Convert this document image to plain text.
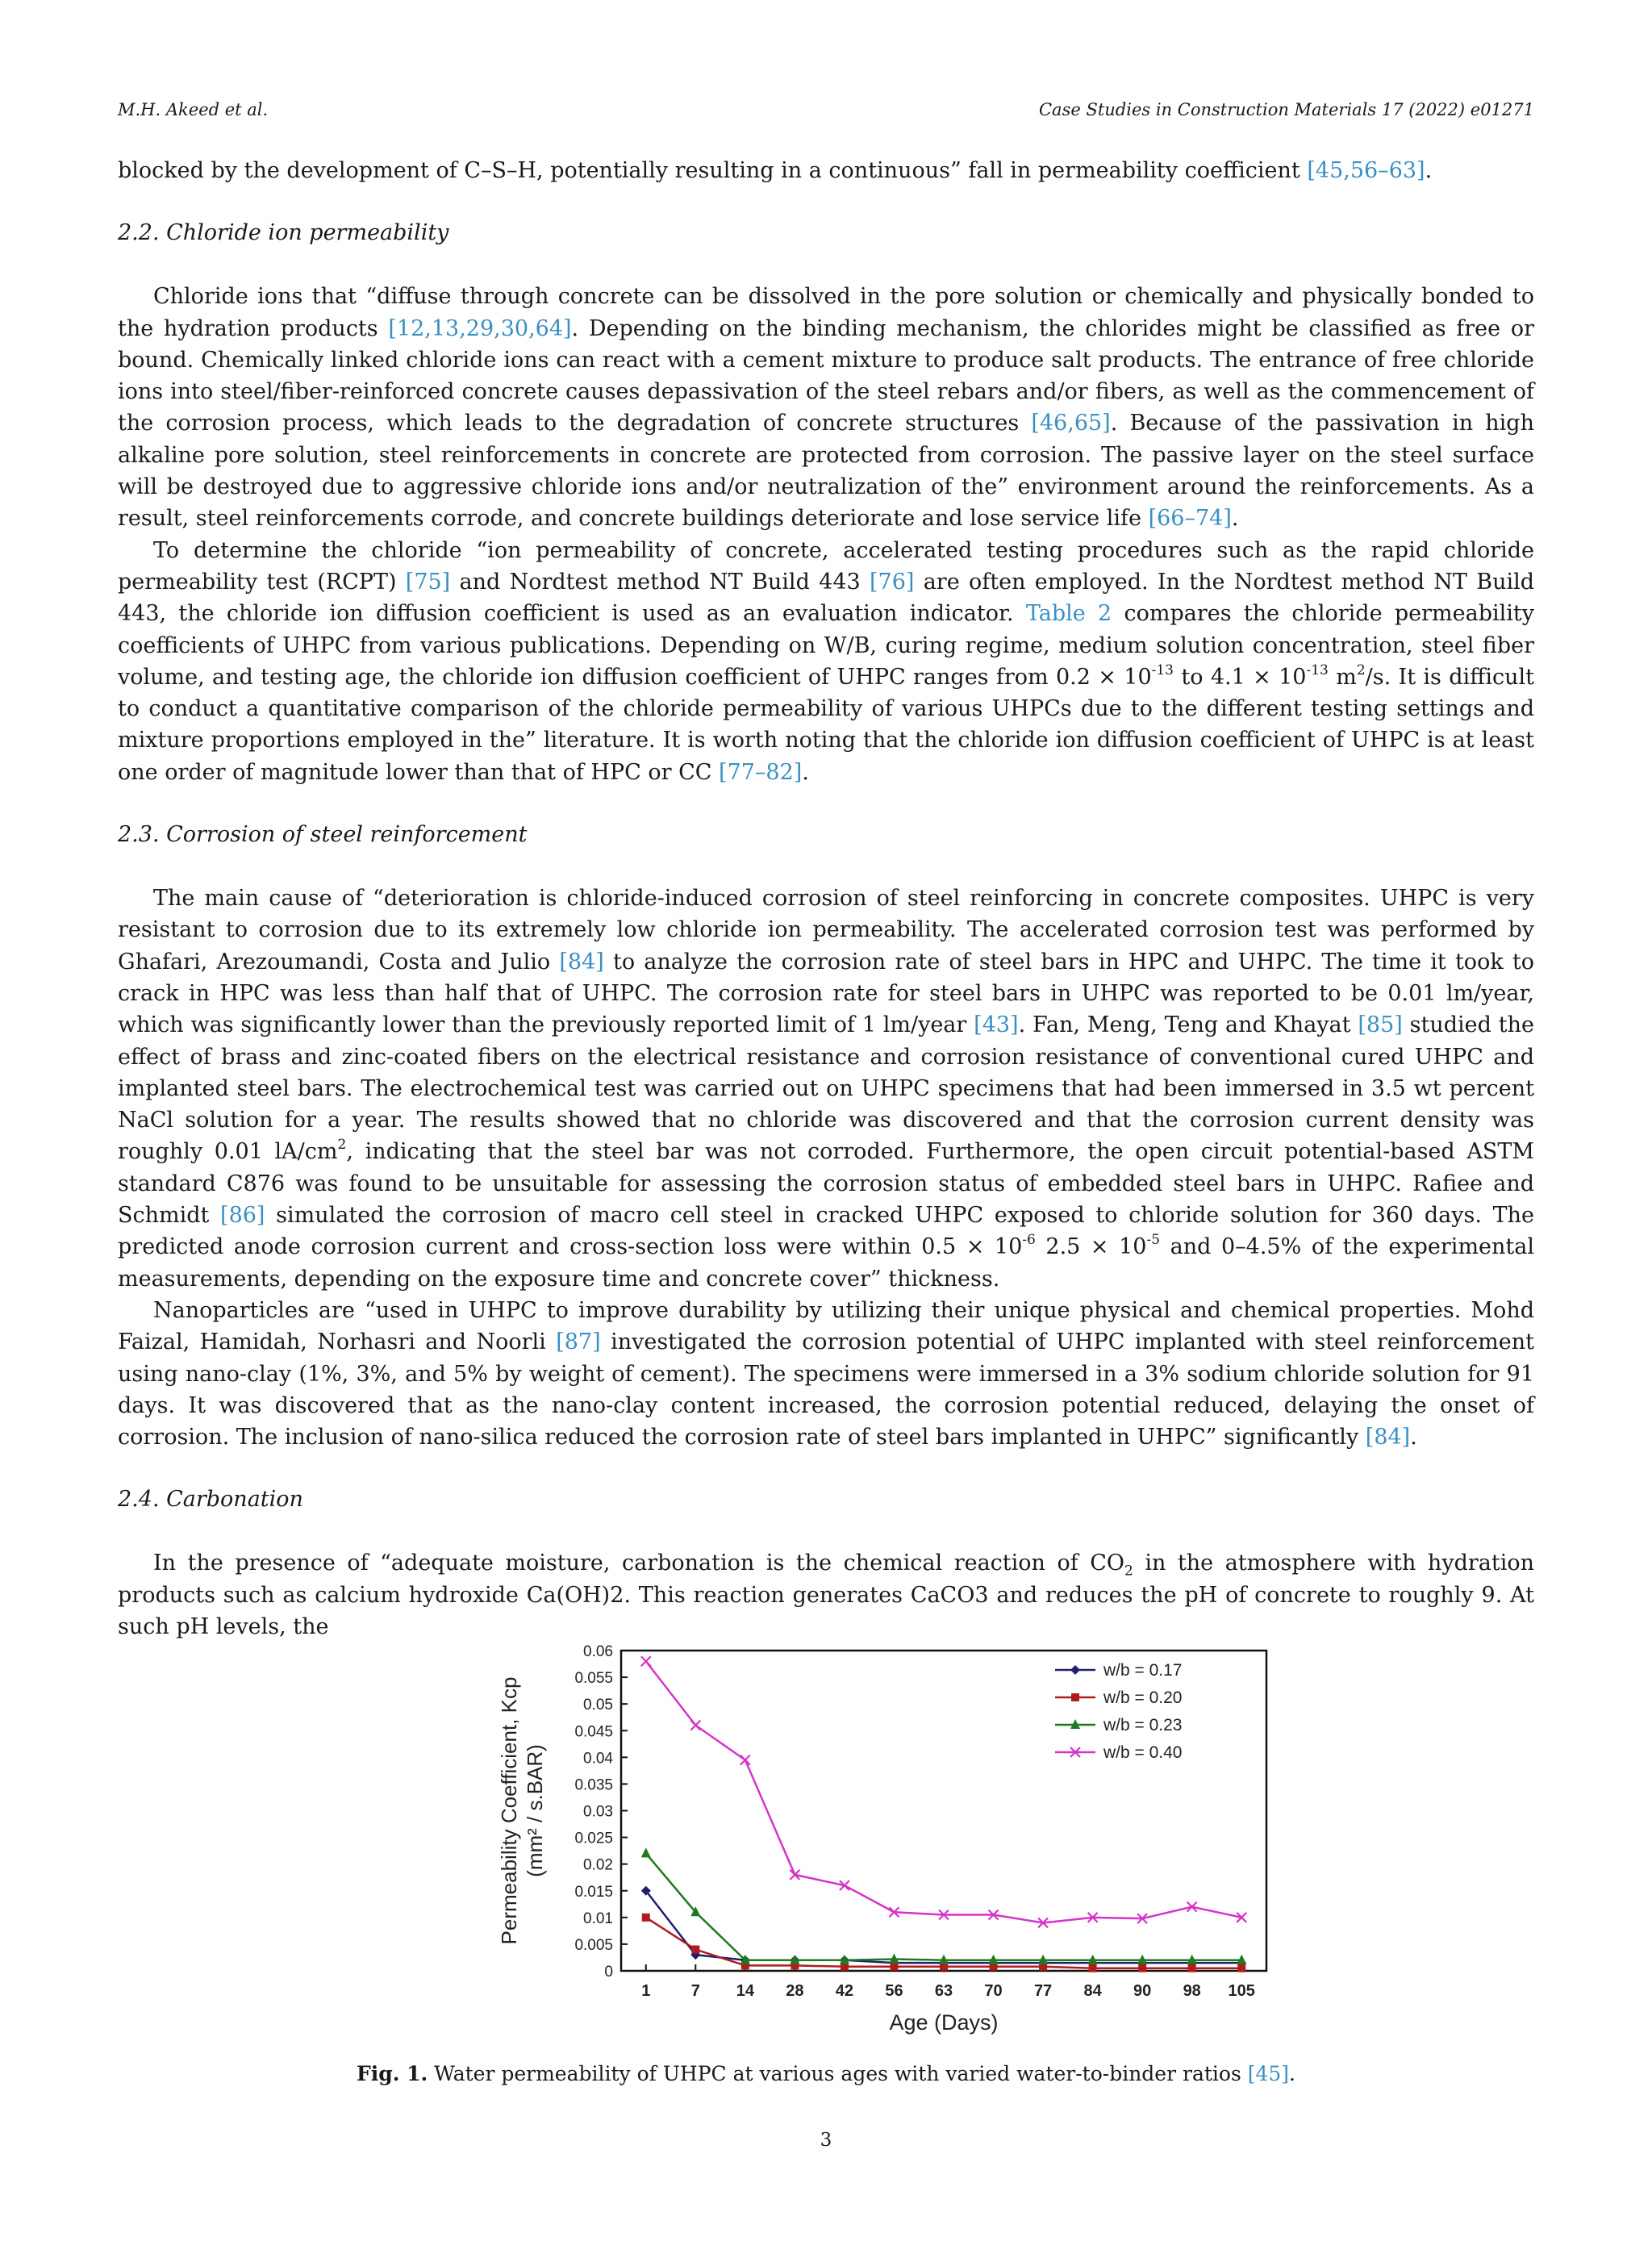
M.H. Akeed et al.	Case Studies in Construction Materials 17 (2022) e01271

blocked by the development of C–S–H, potentially resulting in a continuous” fall in permeability coefficient [45,56–63].

2.2. Chloride ion permeability

Chloride ions that “diffuse through concrete can be dissolved in the pore solution or chemically and physically bonded to the hydration products [12,13,29,30,64]. Depending on the binding mechanism, the chlorides might be classified as free or bound. Chemically linked chloride ions can react with a cement mixture to produce salt products. The entrance of free chloride ions into steel/fiber-reinforced concrete causes depassivation of the steel rebars and/or fibers, as well as the commencement of the corrosion process, which leads to the degradation of concrete structures [46,65]. Because of the passivation in high alkaline pore solution, steel reinforcements in concrete are protected from corrosion. The passive layer on the steel surface will be destroyed due to aggressive chloride ions and/or neutralization of the” environment around the reinforcements. As a result, steel reinforcements corrode, and concrete buildings deteriorate and lose service life [66–74].

To determine the chloride “ion permeability of concrete, accelerated testing procedures such as the rapid chloride permeability test (RCPT) [75] and Nordtest method NT Build 443 [76] are often employed. In the Nordtest method NT Build 443, the chloride ion diffusion coefficient is used as an evaluation indicator. Table 2 compares the chloride permeability coefficients of UHPC from various publications. Depending on W/B, curing regime, medium solution concentration, steel fiber volume, and testing age, the chloride ion diffusion coefficient of UHPC ranges from $0.2 \times 10^{-13}$ to $4.1 \times 10^{-13}$ $m^2/s$. It is difficult to conduct a quantitative comparison of the chloride permeability of various UHPCs due to the different testing settings and mixture proportions employed in the” literature. It is worth noting that the chloride ion diffusion coefficient of UHPC is at least one order of magnitude lower than that of HPC or CC [77–82].

2.3. Corrosion of steel reinforcement

The main cause of “deterioration is chloride-induced corrosion of steel reinforcing in concrete composites. UHPC is very resistant to corrosion due to its extremely low chloride ion permeability. The accelerated corrosion test was performed by Ghafari, Arezoumandi, Costa and Julio [84] to analyze the corrosion rate of steel bars in HPC and UHPC. The time it took to crack in HPC was less than half that of UHPC. The corrosion rate for steel bars in UHPC was reported to be 0.01 lm/year, which was significantly lower than the previously reported limit of 1 lm/year [43]. Fan, Meng, Teng and Khayat [85] studied the effect of brass and zinc-coated fibers on the electrical resistance and corrosion resistance of conventional cured UHPC and implanted steel bars. The electrochemical test was carried out on UHPC specimens that had been immersed in 3.5 wt percent NaCl solution for a year. The results showed that no chloride was discovered and that the corrosion current density was roughly 0.01 $lA/cm^2$, indicating that the steel bar was not corroded. Furthermore, the open circuit potential-based ASTM standard C876 was found to be unsuitable for assessing the corrosion status of embedded steel bars in UHPC. Rafiee and Schmidt [86] simulated the corrosion of macro cell steel in cracked UHPC exposed to chloride solution for 360 days. The predicted anode corrosion current and cross-section loss were within $0.5 \times 10^{-6}$ $2.5 \times 10^{-5}$ and 0–4.5% of the experimental measurements, depending on the exposure time and concrete cover” thickness.

Nanoparticles are “used in UHPC to improve durability by utilizing their unique physical and chemical properties. Mohd Faizal, Hamidah, Norhasri and Noorli [87] investigated the corrosion potential of UHPC implanted with steel reinforcement using nano-clay (1%, 3%, and 5% by weight of cement). The specimens were immersed in a 3% sodium chloride solution for 91 days. It was discovered that as the nano-clay content increased, the corrosion potential reduced, delaying the onset of corrosion. The inclusion of nano-silica reduced the corrosion rate of steel bars implanted in UHPC” significantly [84].

2.4. Carbonation

In the presence of “adequate moisture, carbonation is the chemical reaction of $CO_2$ in the atmosphere with hydration products such as calcium hydroxide Ca(OH)2. This reaction generates CaCO3 and reduces the pH of concrete to roughly 9. At such pH levels, the

0
0.005
0.01
0.015
0.02
0.025
0.03
0.035
0.04
0.045
0.05
0.055
0.06
1	7 14 28 42 56 63 70 77 84 90 98 105
Age (Days)
Permeability Coefficient, Kcp (mm² / s.BAR)
w/b = 0.17
w/b = 0.20
w/b = 0.23
w/b = 0.40
Fig. 1. Water permeability of UHPC at various ages with varied water-to-binder ratios [45].
3
